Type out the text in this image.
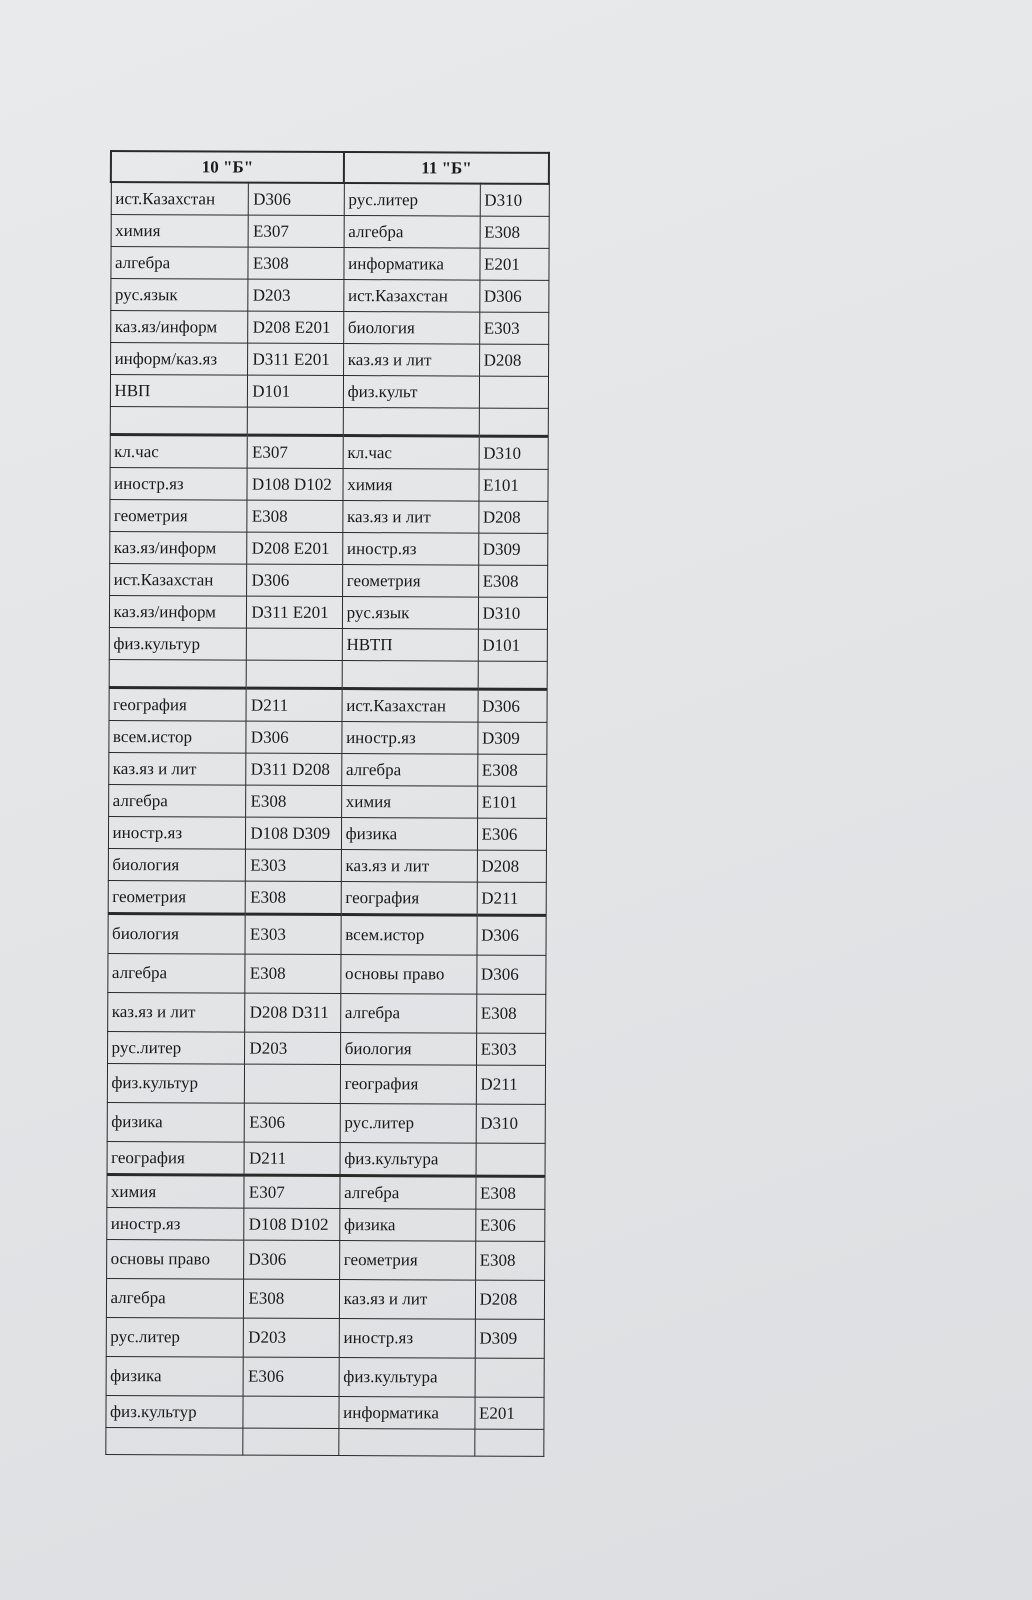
10 "Б"		11 "Б"	
ист.Казахстан	D306	рус.литер	D310
химия	E307	алгебра	E308
алгебра	E308	информатика	E201
рус.язык	D203	ист.Казахстан	D306
каз.яз/информ	D208 E201	биология	E303
информ/каз.яз	D311 E201	каз.яз и лит	D208
НВП	D101	физ.культ	

кл.час	E307	кл.час	D310
иностр.яз	D108 D102	химия	E101
геометрия	E308	каз.яз и лит	D208
каз.яз/информ	D208 E201	иностр.яз	D309
ист.Казахстан	D306	геометрия	E308
каз.яз/информ	D311 E201	рус.язык	D310
физ.культур		НВТП	D101

география	D211	ист.Казахстан	D306
всем.истор	D306	иностр.яз	D309
каз.яз и лит	D311 D208	алгебра	E308
алгебра	E308	химия	E101
иностр.яз	D108 D309	физика	E306
биология	E303	каз.яз и лит	D208
геометрия	E308	география	D211
биология	E303	всем.истор	D306
алгебра	E308	основы право	D306
каз.яз и лит	D208 D311	алгебра	E308
рус.литер	D203	биология	E303
физ.культур		география	D211
физика	E306	рус.литер	D310
география	D211	физ.культура	
химия	E307	алгебра	E308
иностр.яз	D108 D102	физика	E306
основы право	D306	геометрия	E308
алгебра	E308	каз.яз и лит	D208
рус.литер	D203	иностр.яз	D309
физика	E306	физ.культура	
физ.культур		информатика	E201
